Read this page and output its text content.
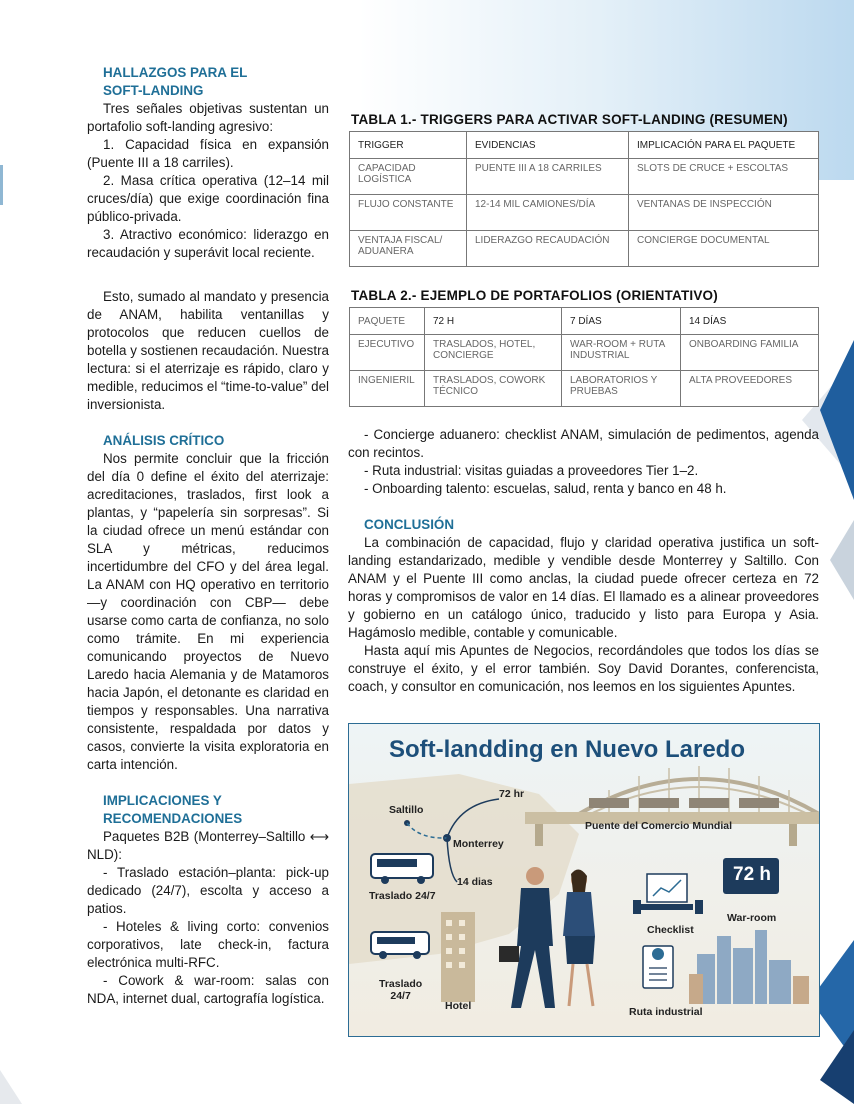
HALLAZGOS PARA EL
SOFT-LANDING

Tres señales objetivas sustentan un portafolio soft-landing agresivo:

1. Capacidad física en expansión (Puente III a 18 carriles).

2. Masa crítica operativa (12–14 mil cruces/día) que exige coordinación fina público-privada.

3. Atractivo económico: liderazgo en recaudación y superávit local reciente.

Esto, sumado al mandato y presencia de ANAM, habilita ventanillas y protocolos que reducen cuellos de botella y sostienen recaudación. Nuestra lectura: si el aterrizaje es rápido, claro y medible, reducimos el “time-to-value” del inversionista.

ANÁLISIS CRÍTICO

Nos permite concluir que la fricción del día 0 define el éxito del aterrizaje: acreditaciones, traslados, first look a plantas, y “papelería sin sorpresas”. Si la ciudad ofrece un menú estándar con SLA y métricas, reducimos incertidumbre del CFO y del área legal. La ANAM con HQ operativo en territorio —y coordinación con CBP— debe usarse como carta de confianza, no solo como trámite. En mi experiencia comunicando proyectos de Nuevo Laredo hacia Alemania y de Matamoros hacia Japón, el detonante es claridad en tiempos y responsables. Una narrativa consistente, respaldada por datos y casos, convierte la visita exploratoria en carta intención.

IMPLICACIONES Y
RECOMENDACIONES

Paquetes B2B (Monterrey–Saltillo ⟷ NLD):

- Traslado estación–planta: pick-up dedicado (24/7), escolta y acceso a patios.

- Hoteles & living corto: convenios corporativos, late check-in, factura electrónica multi-RFC.

- Cowork & war-room: salas con NDA, internet dual, cartografía logística.

TABLA 1.- TRIGGERS PARA ACTIVAR SOFT-LANDING (RESUMEN)
TRIGGER	EVIDENCIAS	IMPLICACIÓN PARA EL PAQUETE
CAPACIDAD LOGÍSTICA	PUENTE III A 18 CARRILES	SLOTS DE CRUCE + ESCOLTAS
FLUJO CONSTANTE	12-14 MIL CAMIONES/DÍA	VENTANAS DE INSPECCIÓN
VENTAJA FISCAL/ ADUANERA	LIDERAZGO RECAUDACIÓN	CONCIERGE DOCUMENTAL
TABLA 2.- EJEMPLO DE PORTAFOLIOS (ORIENTATIVO)
PAQUETE	72 H	7 DÍAS	14 DÍAS
EJECUTIVO	TRASLADOS, HOTEL, CONCIERGE	WAR-ROOM + RUTA INDUSTRIAL	ONBOARDING FAMILIA
INGENIERIL	TRASLADOS, COWORK TÉCNICO	LABORATORIOS Y PRUEBAS	ALTA PROVEEDORES

- Concierge aduanero: checklist ANAM, simulación de pedimentos, agenda con recintos.

- Ruta industrial: visitas guiadas a proveedores Tier 1–2.

- Onboarding talento: escuelas, salud, renta y banco en 48 h.

CONCLUSIÓN

La combinación de capacidad, flujo y claridad operativa justifica un soft-landing estandarizado, medible y vendible desde Monterrey y Saltillo. Con ANAM y el Puente III como anclas, la ciudad puede ofrecer certeza en 72 horas y compromisos de valor en 14 días. El llamado es a alinear proveedores y gobierno en un catálogo único, traducido y listo para Europa y Asia. Hagámoslo medible, contable y comunicable.

Hasta aquí mis Apuntes de Negocios, recordándoles que todos los días se construye el éxito, y el error también. Soy David Dorantes, conferencista, coach, y consultor en comunicación, nos leemos en los siguientes Apuntes.

Soft-landding en Nuevo Laredo
Saltillo
Monterrey
72 hr
Puente del Comercio Mundial
14 dias
Traslado 24/7
Traslado
24/7
Hotel
Checklist
72 h
War-room
Ruta industrial
